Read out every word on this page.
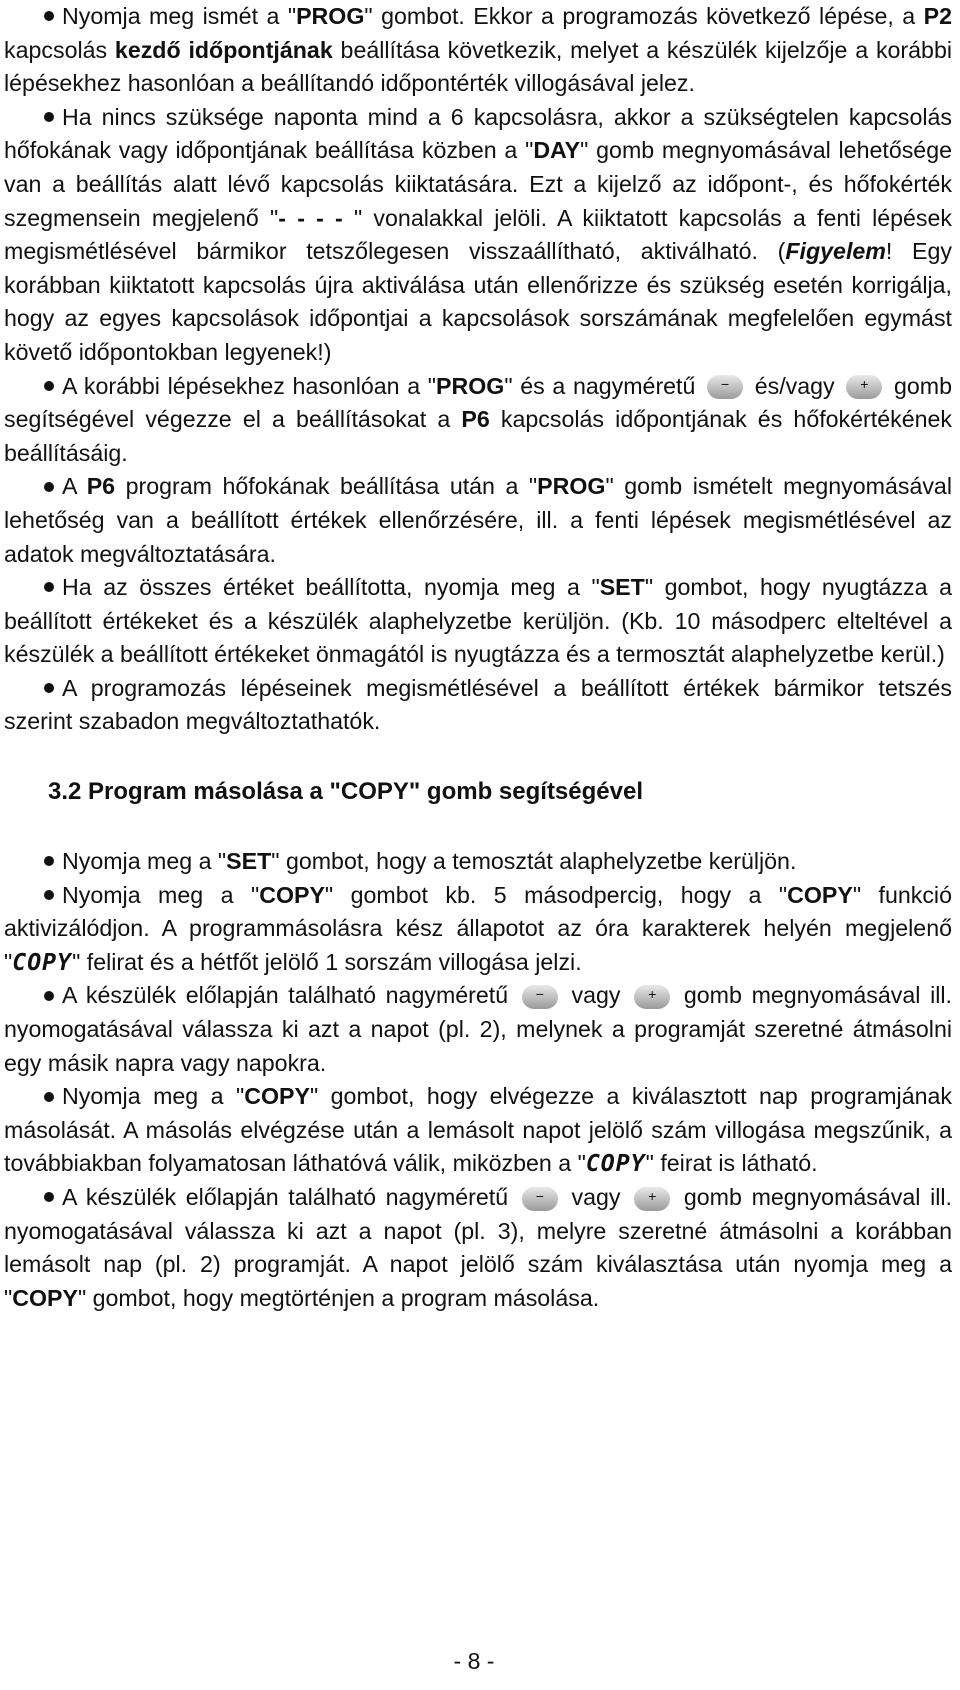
Nyomja meg ismét a "PROG" gombot. Ekkor a programozás következő lépése, a P2 kapcsolás kezdő időpontjának beállítása következik, melyet a készülék kijelzője a korábbi lépésekhez hasonlóan a beállítandó időpontérték villogásával jelez.

Ha nincs szüksége naponta mind a 6 kapcsolásra, akkor a szükségtelen kapcsolás hőfokának vagy időpontjának beállítása közben a "DAY" gomb megnyomásával lehetősége van a beállítás alatt lévő kapcsolás kiiktatására. Ezt a kijelző az időpont-, és hőfokérték szegmensein megjelenő "- - - - " vonalakkal jelöli. A kiiktatott kapcsolás a fenti lépések megismétlésével bármikor tetszőlegesen visszaállítható, aktiválható. (Figyelem! Egy korábban kiiktatott kapcsolás újra aktiválása után ellenőrizze és szükség esetén korrigálja, hogy az egyes kapcsolások időpontjai a kapcsolások sorszámának megfelelően egymást követő időpontokban legyenek!)

A korábbi lépésekhez hasonlóan a "PROG" és a nagyméretű − és/vagy + gomb segítségével végezze el a beállításokat a P6 kapcsolás időpontjának és hőfokértékének beállításáig.

A P6 program hőfokának beállítása után a "PROG" gomb ismételt megnyomásával lehetőség van a beállított értékek ellenőrzésére, ill. a fenti lépések megismétlésével az adatok megváltoztatására.

Ha az összes értéket beállította, nyomja meg a "SET" gombot, hogy nyugtázza a beállított értékeket és a készülék alaphelyzetbe kerüljön. (Kb. 10 másodperc elteltével a készülék a beállított értékeket önmagától is nyugtázza és a termosztát alaphelyzetbe kerül.)

A programozás lépéseinek megismétlésével a beállított értékek bármikor tetszés szerint szabadon megváltoztathatók.

3.2 Program másolása a "COPY" gomb segítségével

Nyomja meg a "SET" gombot, hogy a temosztát alaphelyzetbe kerüljön.

Nyomja meg a "COPY" gombot kb. 5 másodpercig, hogy a "COPY" funkció aktivizálódjon. A programmásolásra kész állapotot az óra karakterek helyén megjelenő "COPY" felirat és a hétfőt jelölő 1 sorszám villogása jelzi.

A készülék előlapján található nagyméretű − vagy + gomb megnyomásával ill. nyomogatásával válassza ki azt a napot (pl. 2), melynek a programját szeretné átmásolni egy másik napra vagy napokra.

Nyomja meg a "COPY" gombot, hogy elvégezze a kiválasztott nap programjának másolását. A másolás elvégzése után a lemásolt napot jelölő szám villogása megszűnik, a továbbiakban folyamatosan láthatóvá válik, miközben a "COPY" feirat is látható.

A készülék előlapján található nagyméretű − vagy + gomb megnyomásával ill. nyomogatásával válassza ki azt a napot (pl. 3), melyre szeretné átmásolni a korábban lemásolt nap (pl. 2) programját. A napot jelölő szám kiválasztása után nyomja meg a "COPY" gombot, hogy megtörténjen a program másolása.

- 8 -
